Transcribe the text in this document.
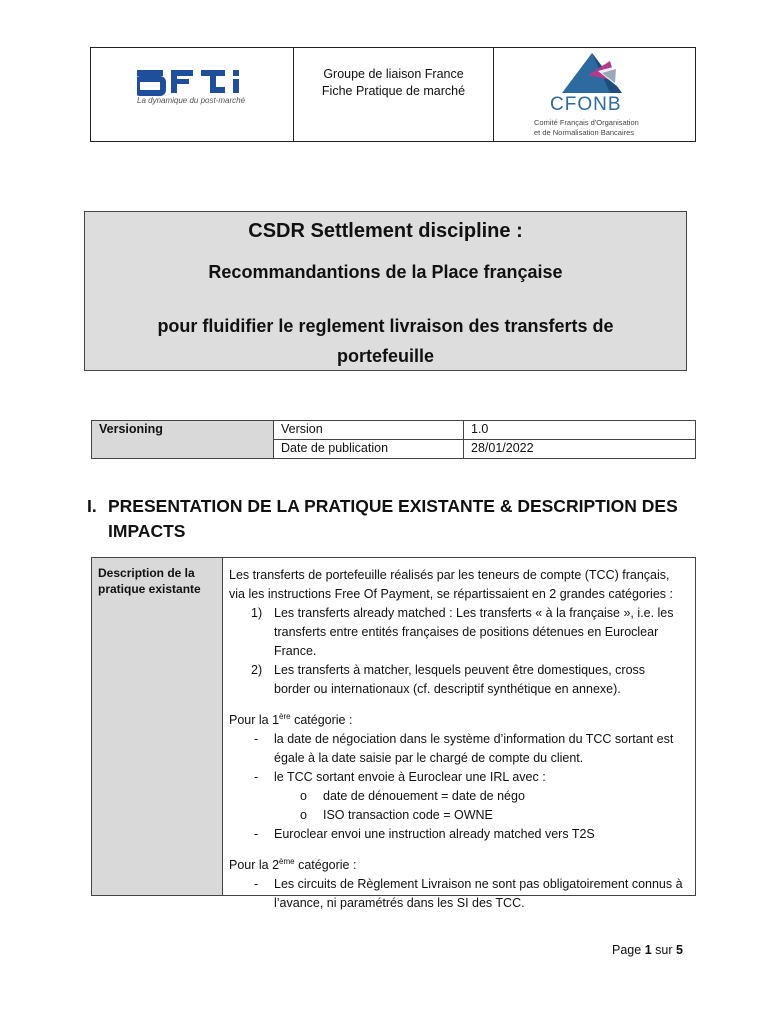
La dynamique du post-marché
Groupe de liaison France
Fiche Pratique de marché
CFONB
Comité Français d'Organisation
et de Normalisation Bancaires
CSDR Settlement discipline :
Recommandantions de la Place française
pour fluidifier le reglement livraison des transferts de
portefeuille
Versioning	Version	1.0
	Date de publication	28/01/2022
I. PRESENTATION DE LA PRATIQUE EXISTANTE & DESCRIPTION DES IMPACTS
Description de la
pratique existante

Les transferts de portefeuille réalisés par les teneurs de compte (TCC) français,

via les instructions Free Of Payment, se répartissaient en 2 grandes catégories :

1) Les transferts already matched : Les transferts « à la française », i.e. les
transferts entre entités françaises de positions détenues en Euroclear
France.
2) Les transferts à matcher, lesquels peuvent être domestiques, cross
border ou internationaux (cf. descriptif synthétique en annexe).

Pour la 1ère catégorie :

- la date de négociation dans le système d’information du TCC sortant est
égale à la date saisie par le chargé de compte du client.
- le TCC sortant envoie à Euroclear une IRL avec :
o date de dénouement = date de négo
o ISO transaction code = OWNE
- Euroclear envoi une instruction already matched vers T2S

Pour la 2ème catégorie :

- Les circuits de Règlement Livraison ne sont pas obligatoirement connus à
l’avance, ni paramétrés dans les SI des TCC.
Page 1 sur 5
